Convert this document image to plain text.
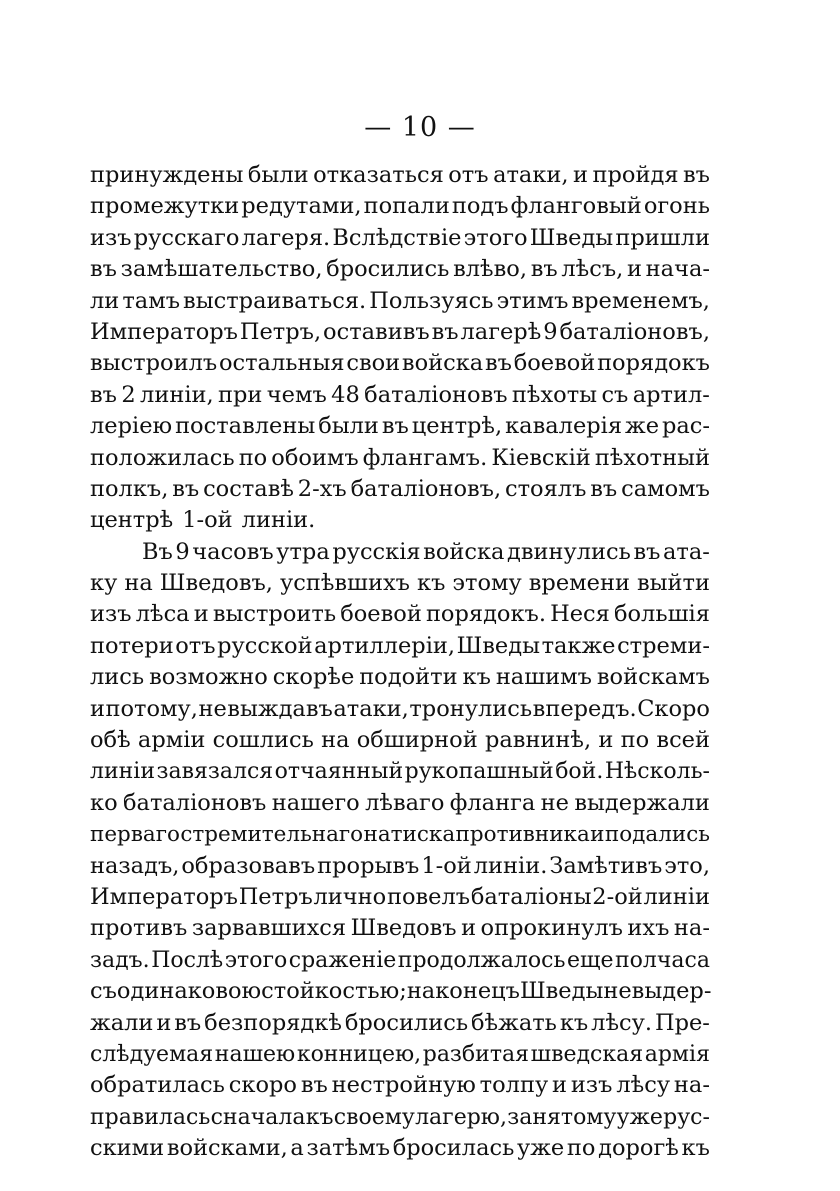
— 10 —
принуждены были отказаться отъ атаки, и пройдя въ
промежутки редутами, попали подъ фланговый огонь
изъ русскаго лагеря. Вслѣдствіе этого Шведы пришли
въ замѣшательство, бросились влѣво, въ лѣсъ, и нача-
ли тамъ выстраиваться. Пользуясь этимъ временемъ,
Императоръ Петръ, оставивъ въ лагерѣ 9 баталіоновъ,
выстроилъ остальныя свои войска въ боевой порядокъ
въ 2 линіи, при чемъ 48 баталіоновъ пѣхоты съ артил-
леріею поставлены были въ центрѣ, кавалерія же рас-
положилась по обоимъ флангамъ. Кіевскій пѣхотный
полкъ, въ составѣ 2-хъ баталіоновъ, стоялъ въ самомъ
центрѣ 1-ой линіи.
Въ 9 часовъ утра русскія войска двинулись въ ата-
ку на Шведовъ, успѣвшихъ къ этому времени выйти
изъ лѣса и выстроить боевой порядокъ. Неся большія
потери отъ русской артиллеріи, Шведы также стреми-
лись возможно скорѣе подойти къ нашимъ войскамъ
и потому, не выждавъ атаки, тронулись впередъ. Скоро
обѣ арміи сошлись на обширной равнинѣ, и по всей
линіи завязался отчаянный рукопашный бой. Нѣсколь-
ко баталіоновъ нашего лѣваго фланга не выдержали
перваго стремительнаго натиска противника и подались
назадъ, образовавъ прорывъ 1-ой линіи. Замѣтивъ это,
Императоръ Петръ лично повелъ баталіоны 2-ой линіи
противъ зарвавшихся Шведовъ и опрокинулъ ихъ на-
задъ. Послѣ этого сраженіе продолжалось еще полчаса
съ одинаковою стойкостью; наконецъ Шведы не выдер-
жали и въ безпорядкѣ бросились бѣжать къ лѣсу. Пре-
слѣдуемая нашею конницею, разбитая шведская армія
обратилась скоро въ нестройную толпу и изъ лѣсу на-
правилась сначала къ своему лагерю, занятому уже рус-
скими войсками, а затѣмъ бросилась уже по дорогѣ къ
